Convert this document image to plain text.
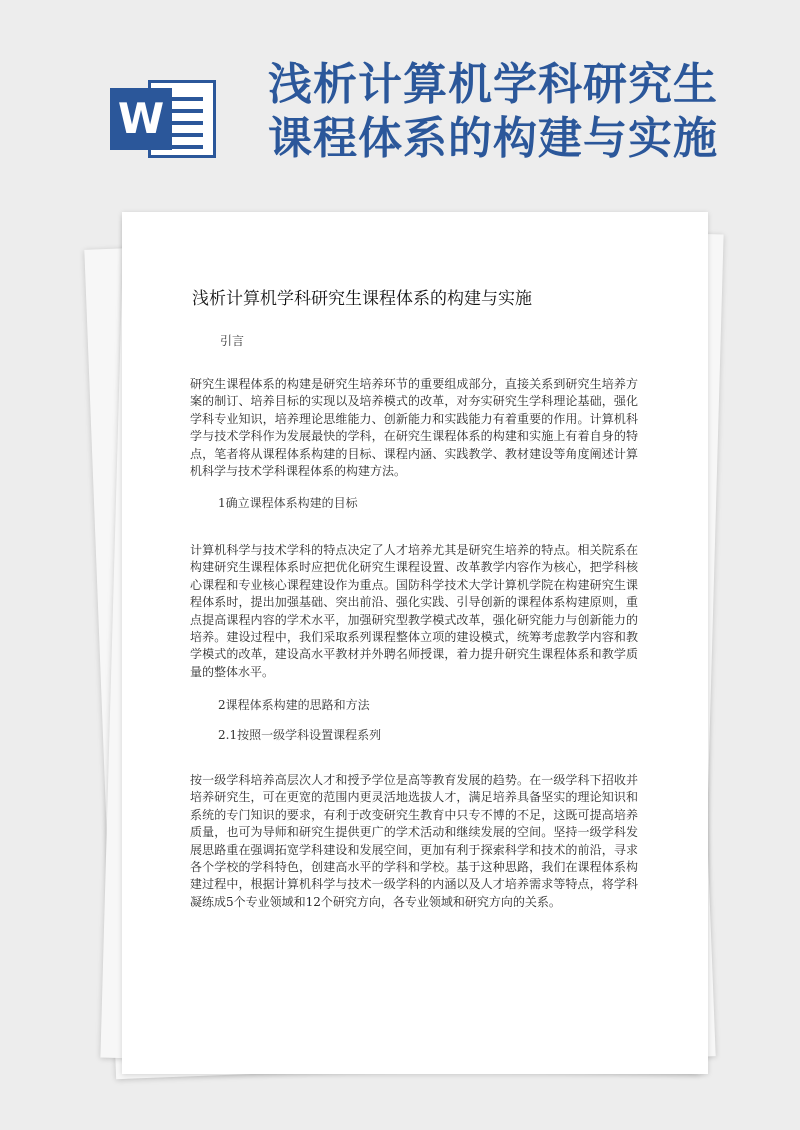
W
浅析计算机学科研究生
课程体系的构建与实施
浅析计算机学科研究生课程体系的构建与实施
引言

研究生课程体系的构建是研究生培养环节的重要组成部分，直接关系到研究生培养方案的制订、培养目标的实现以及培养模式的改革，对夯实研究生学科理论基础，强化学科专业知识，培养理论思维能力、创新能力和实践能力有着重要的作用。计算机科学与技术学科作为发展最快的学科，在研究生课程体系的构建和实施上有着自身的特点，笔者将从课程体系构建的目标、课程内涵、实践教学、教材建设等角度阐述计算机科学与技术学科课程体系的构建方法。

1确立课程体系构建的目标

计算机科学与技术学科的特点决定了人才培养尤其是研究生培养的特点。相关院系在构建研究生课程体系时应把优化研究生课程设置、改革教学内容作为核心，把学科核心课程和专业核心课程建设作为重点。国防科学技术大学计算机学院在构建研究生课程体系时，提出加强基础、突出前沿、强化实践、引导创新的课程体系构建原则，重点提高课程内容的学术水平，加强研究型教学模式改革，强化研究能力与创新能力的培养。建设过程中，我们采取系列课程整体立项的建设模式，统筹考虑教学内容和教学模式的改革，建设高水平教材并外聘名师授课，着力提升研究生课程体系和教学质量的整体水平。

2课程体系构建的思路和方法
2.1按照一级学科设置课程系列

按一级学科培养高层次人才和授予学位是高等教育发展的趋势。在一级学科下招收并培养研究生，可在更宽的范围内更灵活地选拔人才，满足培养具备坚实的理论知识和系统的专门知识的要求，有利于改变研究生教育中只专不博的不足，这既可提高培养质量，也可为导师和研究生提供更广的学术活动和继续发展的空间。坚持一级学科发展思路重在强调拓宽学科建设和发展空间，更加有利于探索科学和技术的前沿，寻求各个学校的学科特色，创建高水平的学科和学校。基于这种思路，我们在课程体系构建过程中，根据计算机科学与技术一级学科的内涵以及人才培养需求等特点，将学科凝练成5个专业领域和12个研究方向，各专业领域和研究方向的关系。
